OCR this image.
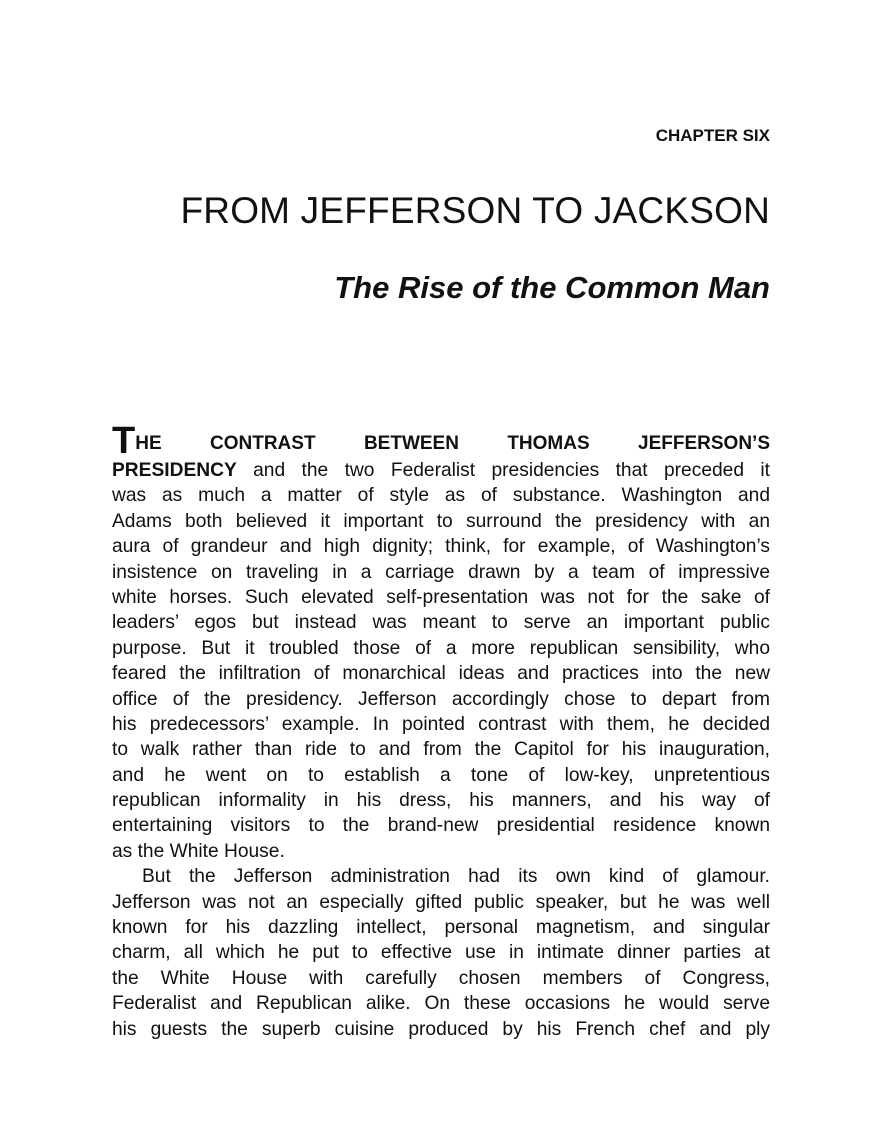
CHAPTER SIX
FROM JEFFERSON TO JACKSON
The Rise of the Common Man
T HE	CONTRAST	BETWEEN	THOMAS	JEFFERSON’S
PRESIDENCY and the two Federalist presidencies that preceded it
was as much a matter of style as of substance. Washington and
Adams both believed it important to surround the presidency with an
aura of grandeur and high dignity; think, for example, of Washington’s
insistence on traveling in a carriage drawn by a team of impressive
white horses. Such elevated self-presentation was not for the sake of
leaders’ egos but instead was meant to serve an important public
purpose. But it troubled those of a more republican sensibility, who
feared the infiltration of monarchical ideas and practices into the new
office of the presidency. Jefferson accordingly chose to depart from
his predecessors’ example. In pointed contrast with them, he decided
to walk rather than ride to and from the Capitol for his inauguration,
and he went on to establish a tone of low-key, unpretentious
republican informality in his dress, his manners, and his way of
entertaining visitors to the brand-new presidential residence known
as the White House.
But the Jefferson administration had its own kind of glamour.
Jefferson was not an especially gifted public speaker, but he was well
known for his dazzling intellect, personal magnetism, and singular
charm, all which he put to effective use in intimate dinner parties at
the White House with carefully chosen members of Congress,
Federalist and Republican alike. On these occasions he would serve
his guests the superb cuisine produced by his French chef and ply
